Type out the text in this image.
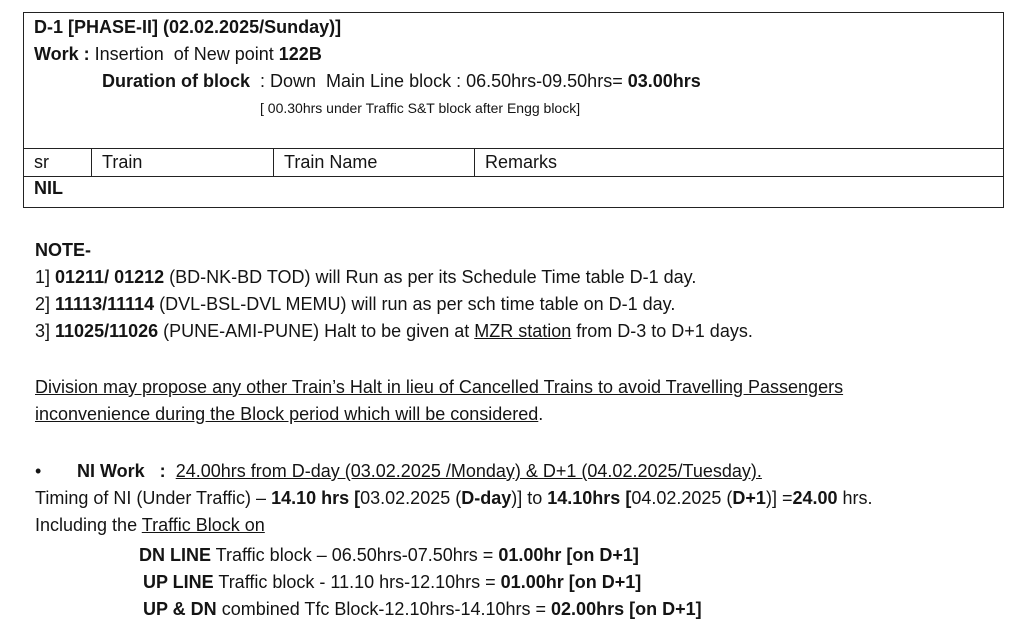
D-1 [PHASE-II] (02.02.2025/Sunday)]
Work : Insertion  of New point 122B
Duration of block  : Down  Main Line block : 06.50hrs-09.50hrs= 03.00hrs
[ 00.30hrs under Traffic S&T block after Engg block]
sr	Train	Train Name	Remarks
NIL
NOTE-
1] 01211/ 01212 (BD-NK-BD TOD) will Run as per its Schedule Time table D-1 day.
2] 11113/11114 (DVL-BSL-DVL MEMU) will run as per sch time table on D-1 day.
3] 11025/11026 (PUNE-AMI-PUNE) Halt to be given at MZR station from D-3 to D+1 days.
Division may propose any other Train’s Halt in lieu of Cancelled Trains to avoid Travelling Passengers
inconvenience during the Block period which will be considered.
• NI Work   : 24.00hrs from D-day (03.02.2025 /Monday) & D+1 (04.02.2025/Tuesday).
Timing of NI (Under Traffic) – 14.10 hrs [03.02.2025 (D-day)] to 14.10hrs [04.02.2025 (D+1)] =24.00 hrs.
Including the Traffic Block on
DN LINE Traffic block – 06.50hrs-07.50hrs = 01.00hr [on D+1]
UP LINE Traffic block - 11.10 hrs-12.10hrs = 01.00hr [on D+1]
UP & DN combined Tfc Block-12.10hrs-14.10hrs = 02.00hrs [on D+1]
